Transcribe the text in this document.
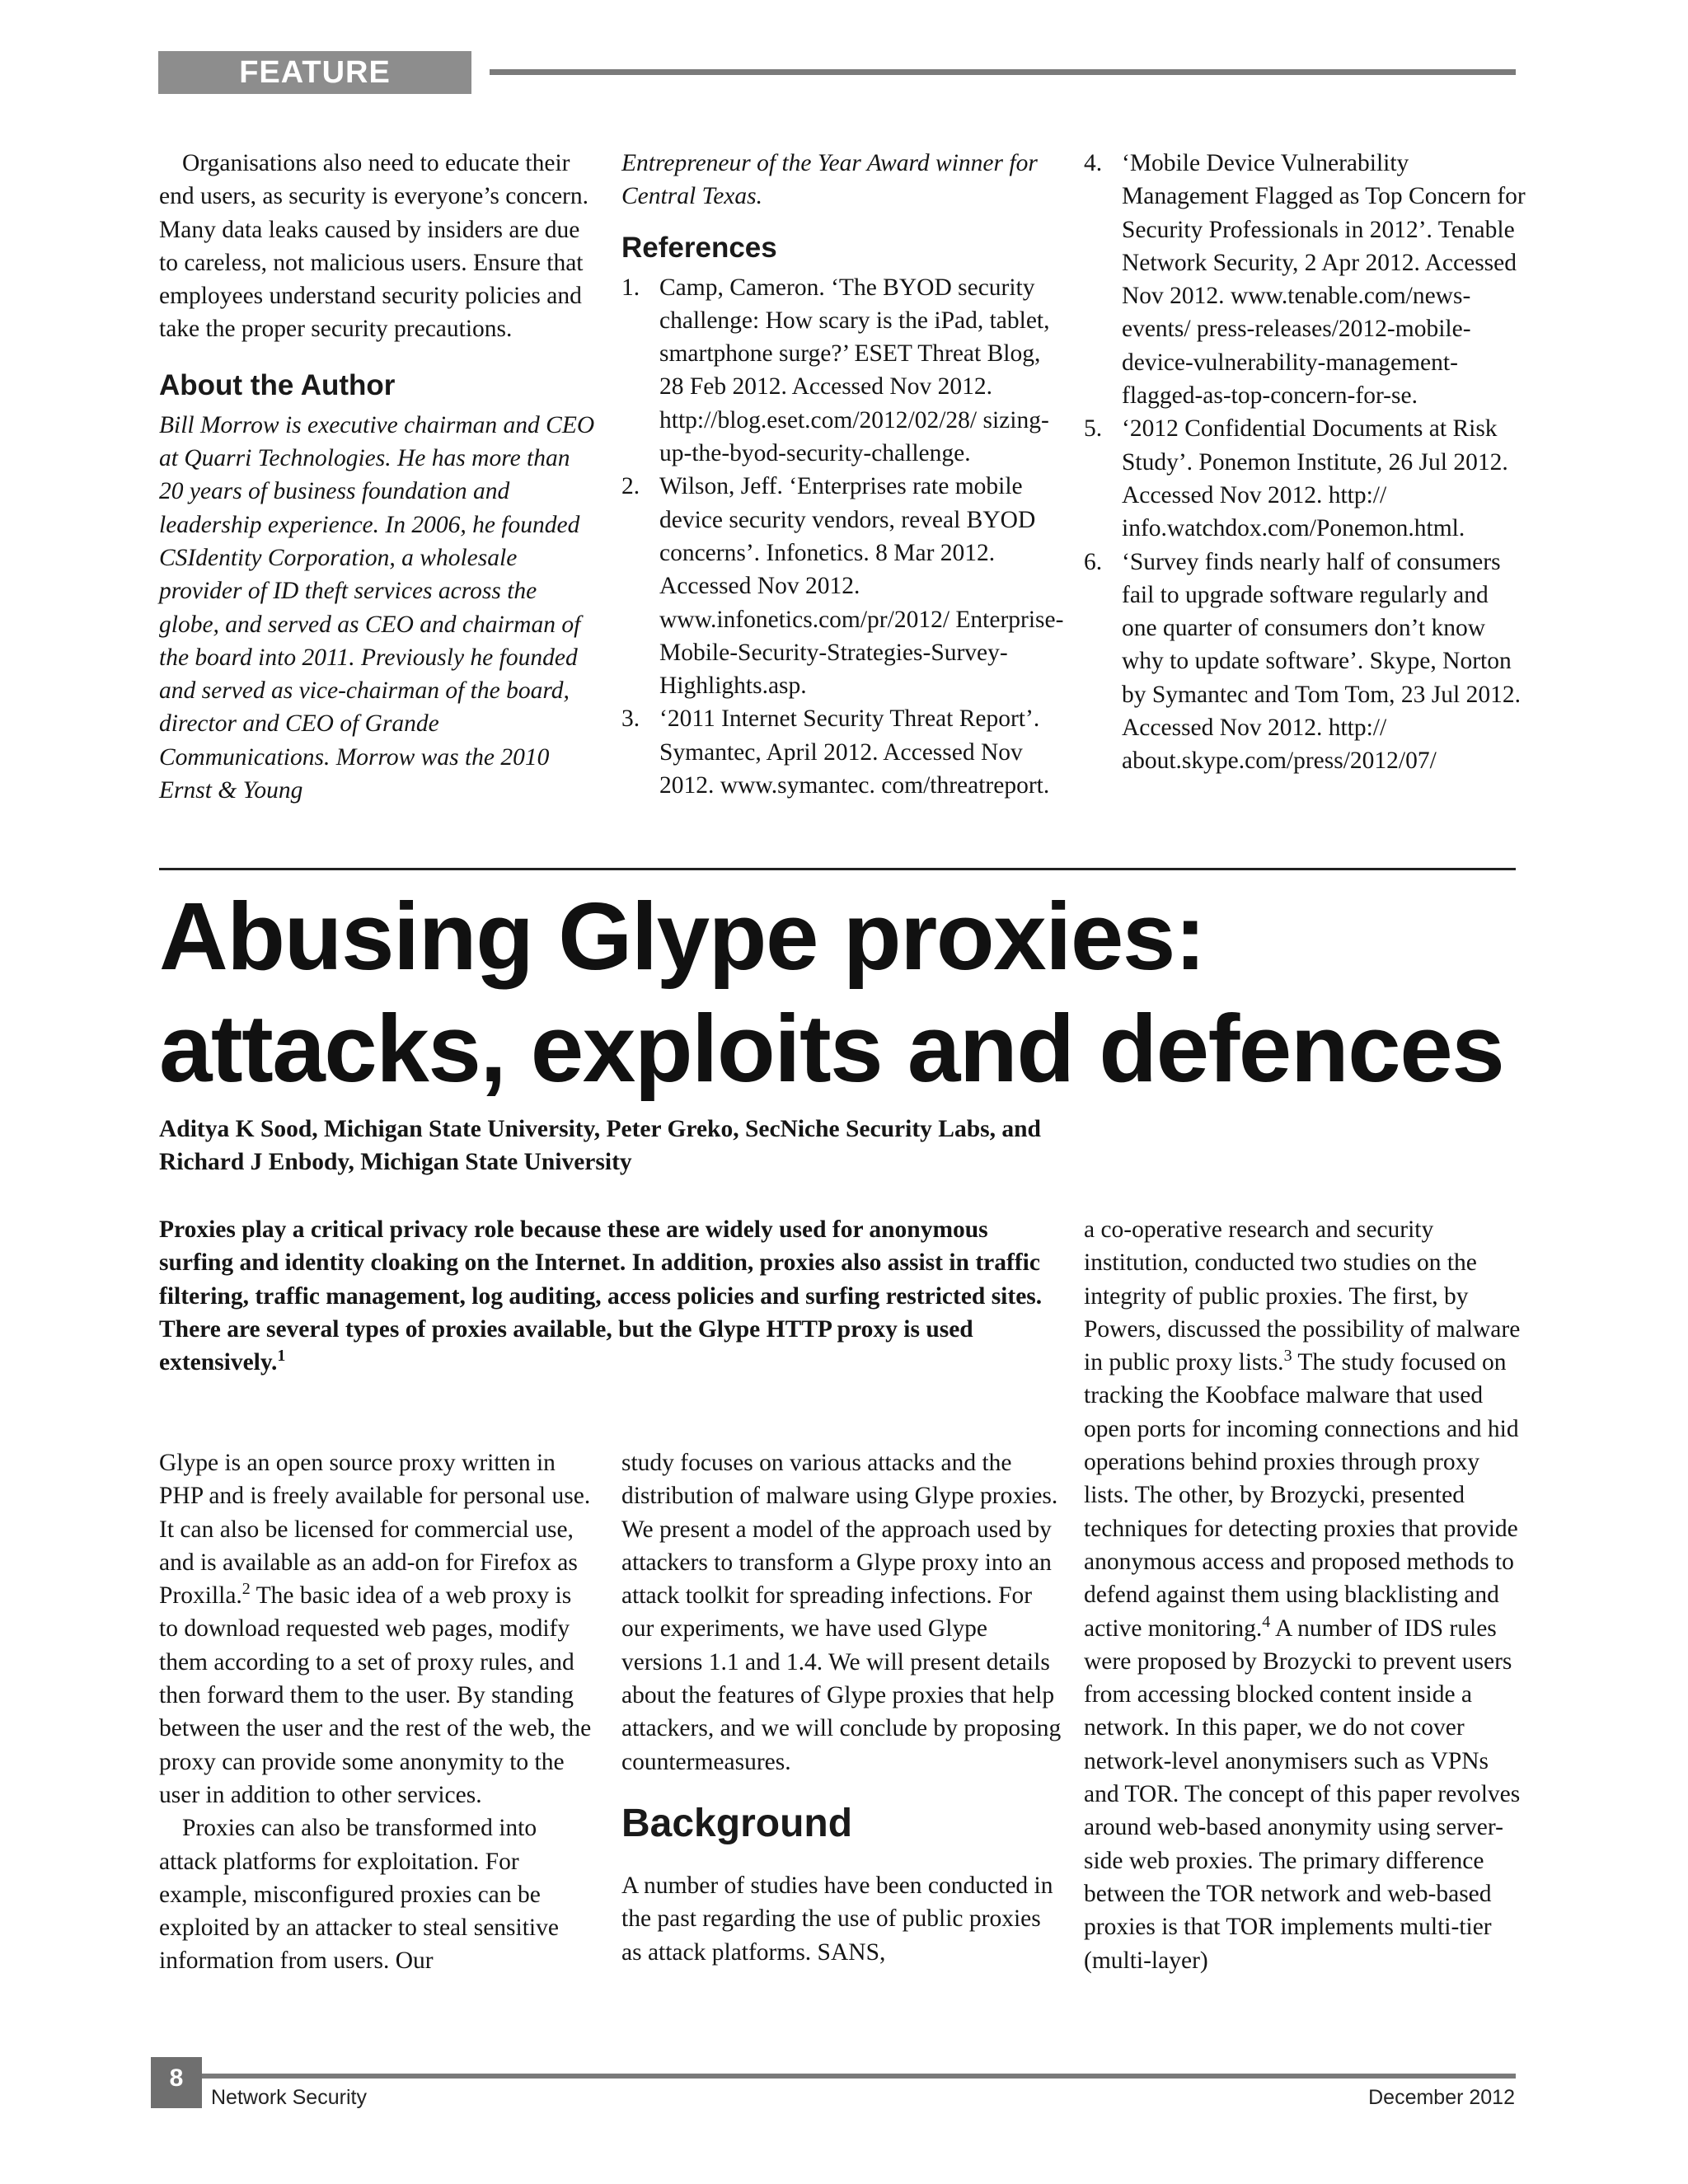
FEATURE

Organisations also need to educate their end users, as security is everyone’s concern. Many data leaks caused by insiders are due to careless, not malicious users. Ensure that employees understand security policies and take the proper security precautions.

About the Author

Bill Morrow is executive chairman and CEO at Quarri Technologies. He has more than 20 years of business foundation and leadership experience. In 2006, he founded CSIdentity Corporation, a wholesale provider of ID theft services across the globe, and served as CEO and chairman of the board into 2011. Previously he founded and served as vice-chairman of the board, director and CEO of Grande Communications. Morrow was the 2010 Ernst & Young

Entrepreneur of the Year Award winner for Central Texas.

References
1. Camp, Cameron. ‘The BYOD security challenge: How scary is the iPad, tablet, smartphone surge?’ ESET Threat Blog, 28 Feb 2012. Accessed Nov 2012. http://blog.eset.com/2012/02/28/ sizing-up-the-byod-security-challenge.
2. Wilson, Jeff. ‘Enterprises rate mobile device security vendors, reveal BYOD concerns’. Infonetics. 8 Mar 2012. Accessed Nov 2012. www.infonetics.com/pr/2012/ Enterprise-Mobile-Security-Strategies-Survey-Highlights.asp.
3. ‘2011 Internet Security Threat Report’. Symantec, April 2012. Accessed Nov 2012. www.symantec. com/threatreport.
4. ‘Mobile Device Vulnerability Management Flagged as Top Concern for Security Professionals in 2012’. Tenable Network Security, 2 Apr 2012. Accessed Nov 2012. www.tenable.com/news-events/ press-releases/2012-mobile-device-vulnerability-management-flagged-as-top-concern-for-se.
5. ‘2012 Confidential Documents at Risk Study’. Ponemon Institute, 26 Jul 2012. Accessed Nov 2012. http:// info.watchdox.com/Ponemon.html.
6. ‘Survey finds nearly half of consumers fail to upgrade software regularly and one quarter of consumers don’t know why to update software’. Skype, Norton by Symantec and Tom Tom, 23 Jul 2012. Accessed Nov 2012. http:// about.skype.com/press/2012/07/
Abusing Glype proxies: attacks, exploits and defences

Aditya K Sood, Michigan State University, Peter Greko, SecNiche Security Labs, and Richard J Enbody, Michigan State University

Proxies play a critical privacy role because these are widely used for anonymous surfing and identity cloaking on the Internet. In addition, proxies also assist in traffic filtering, traffic management, log auditing, access policies and surfing restricted sites. There are several types of proxies available, but the Glype HTTP proxy is used extensively.$^1$

Glype is an open source proxy written in PHP and is freely available for personal use. It can also be licensed for commercial use, and is available as an add-on for Firefox as Proxilla.$^2$ The basic idea of a web proxy is to download requested web pages, modify them according to a set of proxy rules, and then forward them to the user. By standing between the user and the rest of the web, the proxy can provide some anonymity to the user in addition to other services.

Proxies can also be transformed into attack platforms for exploitation. For example, misconfigured proxies can be exploited by an attacker to steal sensitive information from users. Our

study focuses on various attacks and the distribution of malware using Glype proxies. We present a model of the approach used by attackers to transform a Glype proxy into an attack toolkit for spreading infections. For our experiments, we have used Glype versions 1.1 and 1.4. We will present details about the features of Glype proxies that help attackers, and we will conclude by proposing countermeasures.

Background

A number of studies have been conducted in the past regarding the use of public proxies as attack platforms. SANS,

a co-operative research and security institution, conducted two studies on the integrity of public proxies. The first, by Powers, discussed the possibility of malware in public proxy lists.$^3$ The study focused on tracking the Koobface malware that used open ports for incoming connections and hid operations behind proxies through proxy lists. The other, by Brozycki, presented techniques for detecting proxies that provide anonymous access and proposed methods to defend against them using blacklisting and active monitoring.$^4$ A number of IDS rules were proposed by Brozycki to prevent users from accessing blocked content inside a network. In this paper, we do not cover network-level anonymisers such as VPNs and TOR. The concept of this paper revolves around web-based anonymity using server-side web proxies. The primary difference between the TOR network and web-based proxies is that TOR implements multi-tier (multi-layer)

8
Network Security	December 2012
